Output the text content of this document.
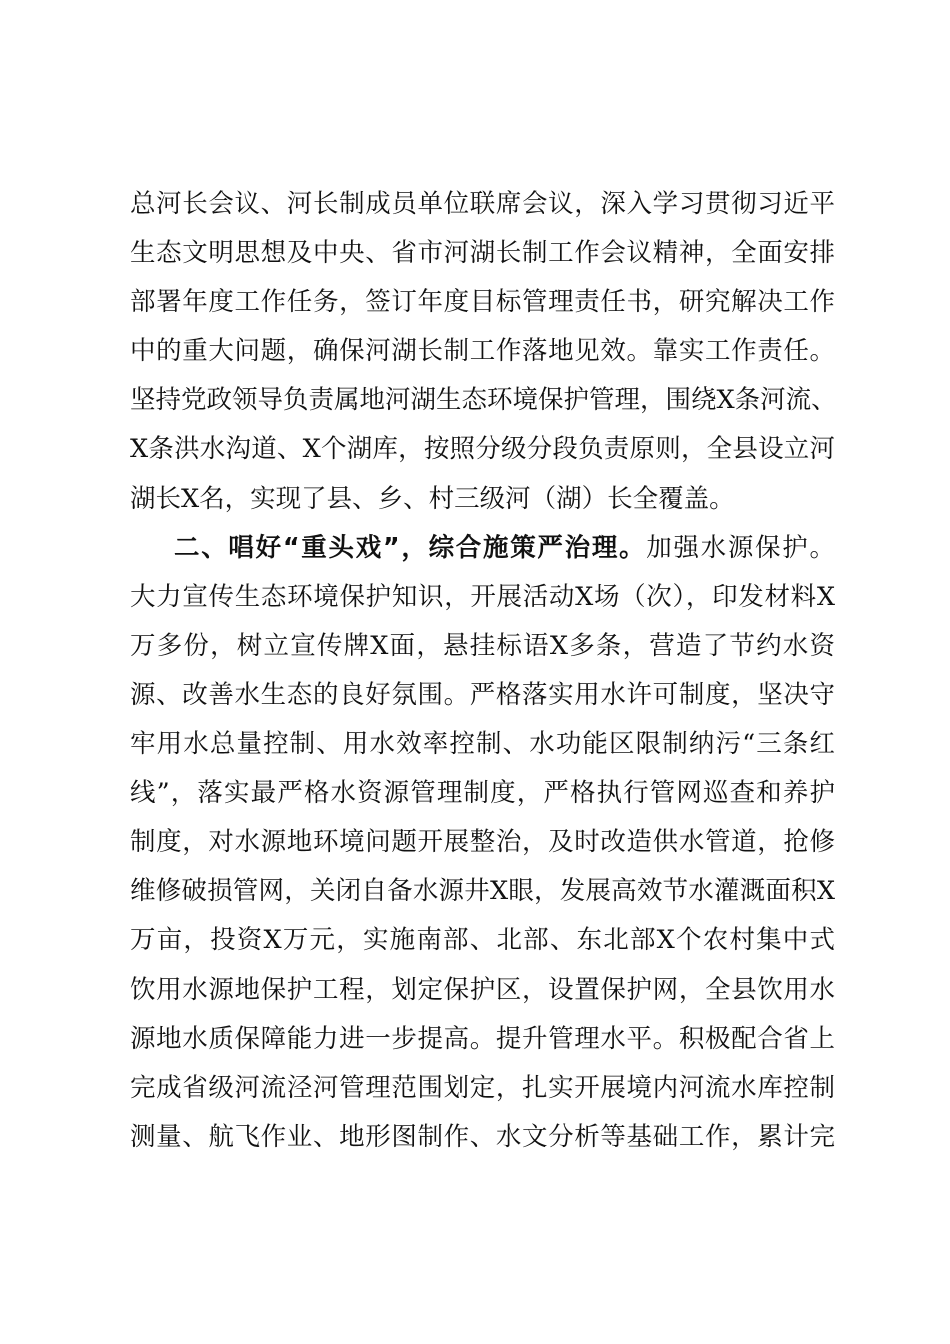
总河长会议、河长制成员单位联席会议，深入学习贯彻习近平
生态文明思想及中央、省市河湖长制工作会议精神，全面安排
部署年度工作任务，签订年度目标管理责任书，研究解决工作
中的重大问题，确保河湖长制工作落地见效。靠实工作责任。
坚持党政领导负责属地河湖生态环境保护管理，围绕X条河流、
X条洪水沟道、X个湖库，按照分级分段负责原则，全县设立河
湖长X名，实现了县、乡、村三级河（湖）长全覆盖。
二、唱好“重头戏”，综合施策严治理。加强水源保护。
大力宣传生态环境保护知识，开展活动X场（次），印发材料X
万多份，树立宣传牌X面，悬挂标语X多条，营造了节约水资
源、改善水生态的良好氛围。严格落实用水许可制度，坚决守
牢用水总量控制、用水效率控制、水功能区限制纳污“三条红
线”，落实最严格水资源管理制度，严格执行管网巡查和养护
制度，对水源地环境问题开展整治，及时改造供水管道，抢修
维修破损管网，关闭自备水源井X眼，发展高效节水灌溉面积X
万亩，投资X万元，实施南部、北部、东北部X个农村集中式
饮用水源地保护工程，划定保护区，设置保护网，全县饮用水
源地水质保障能力进一步提高。提升管理水平。积极配合省上
完成省级河流泾河管理范围划定，扎实开展境内河流水库控制
测量、航飞作业、地形图制作、水文分析等基础工作，累计完
